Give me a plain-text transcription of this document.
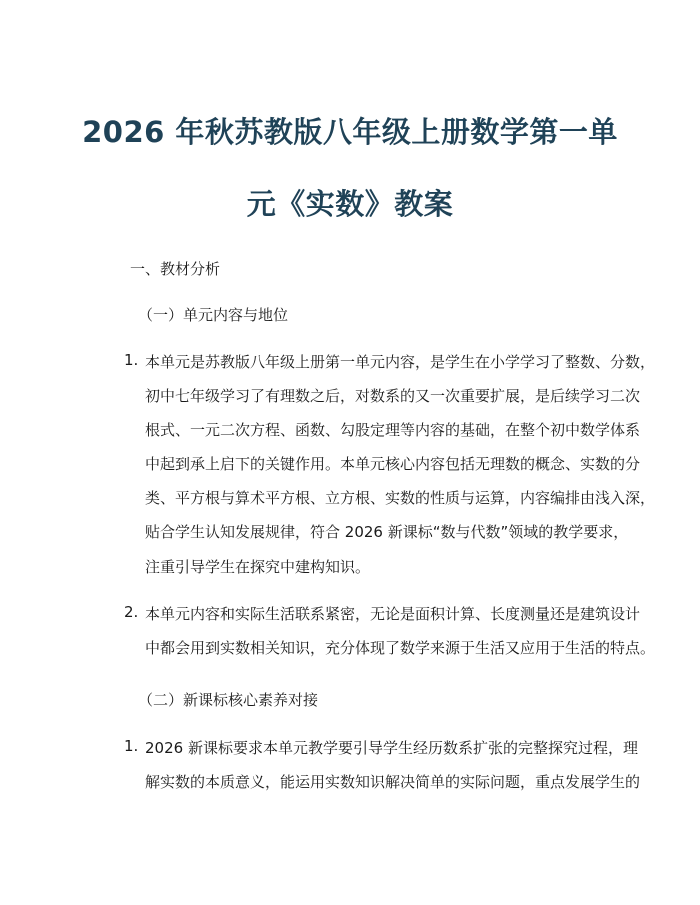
2026 年秋苏教版八年级上册数学第一单
元《实数》教案
一、教材分析
（一）单元内容与地位
1. 本单元是苏教版八年级上册第一单元内容，是学生在小学学习了整数、分数，
初中七年级学习了有理数之后，对数系的又一次重要扩展，是后续学习二次
根式、一元二次方程、函数、勾股定理等内容的基础，在整个初中数学体系
中起到承上启下的关键作用。本单元核心内容包括无理数的概念、实数的分
类、平方根与算术平方根、立方根、实数的性质与运算，内容编排由浅入深，
贴合学生认知发展规律，符合 2026 新课标“数与代数”领域的教学要求，
注重引导学生在探究中建构知识。
2. 本单元内容和实际生活联系紧密，无论是面积计算、长度测量还是建筑设计
中都会用到实数相关知识，充分体现了数学来源于生活又应用于生活的特点。
（二）新课标核心素养对接
1. 2026 新课标要求本单元教学要引导学生经历数系扩张的完整探究过程，理
解实数的本质意义，能运用实数知识解决简单的实际问题，重点发展学生的
